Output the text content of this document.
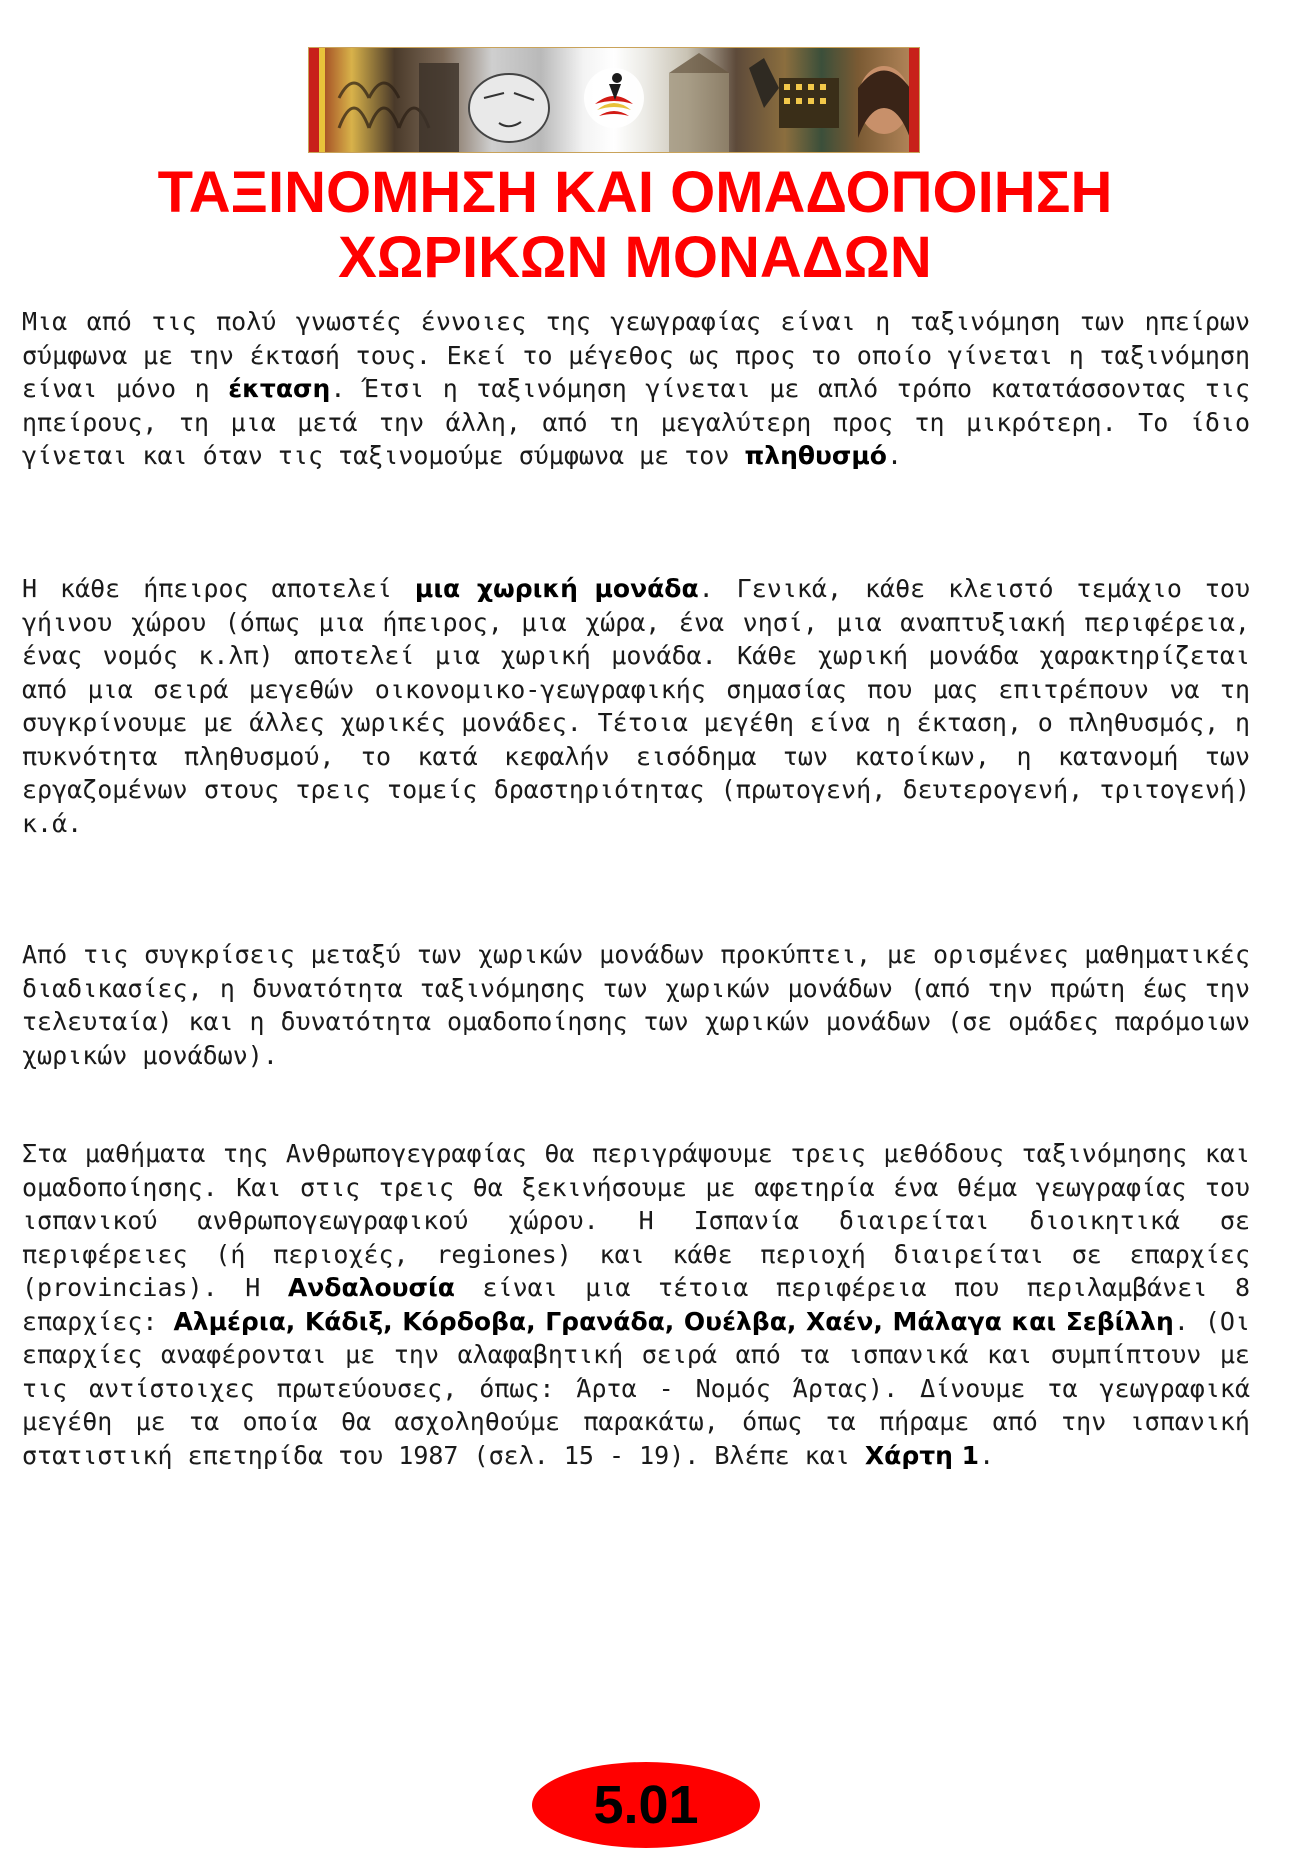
ΤΑΞΙΝΟΜΗΣΗ ΚΑΙ ΟΜΑΔΟΠΟΙΗΣΗ
ΧΩΡΙΚΩΝ ΜΟΝΑΔΩΝ

Μια από τις πολύ γνωστές έννοιες της γεωγραφίας είναι η ταξινόμηση των ηπείρων σύμφωνα με την έκτασή τους. Εκεί το μέγεθος ως προς το οποίο γίνεται η ταξινόμηση είναι μόνο η έκταση. Έτσι η ταξινόμηση γίνεται με απλό τρόπο κατατάσσοντας τις ηπείρους, τη μια μετά την άλλη, από τη μεγαλύτερη προς τη μικρότερη. Το ίδιο γίνεται και όταν τις ταξινομούμε σύμφωνα με τον πληθυσμό.

Η κάθε ήπειρος αποτελεί μια χωρική μονάδα. Γενικά, κάθε κλειστό τεμάχιο του γήινου χώρου (όπως μια ήπειρος, μια χώρα, ένα νησί, μια αναπτυξιακή περιφέρεια, ένας νομός κ.λπ) αποτελεί μια χωρική μονάδα. Κάθε χωρική μονάδα χαρακτηρίζεται από μια σειρά μεγεθών οικονομικο-γεωγραφικής σημασίας που μας επιτρέπουν να τη συγκρίνουμε με άλλες χωρικές μονάδες. Τέτοια μεγέθη είνα η έκταση, ο πληθυσμός, η πυκνότητα πληθυσμού, το κατά κεφαλήν εισόδημα των κατοίκων, η κατανομή των εργαζομένων στους τρεις τομείς δραστηριότητας (πρωτογενή, δευτερογενή, τριτογενή) κ.ά.

Από τις συγκρίσεις μεταξύ των χωρικών μονάδων προκύπτει, με ορισμένες μαθηματικές διαδικασίες, η δυνατότητα ταξινόμησης των χωρικών μονάδων (από την πρώτη έως την τελευταία) και η δυνατότητα ομαδοποίησης των χωρικών μονάδων (σε ομάδες παρόμοιων χωρικών μονάδων).

Στα μαθήματα της Ανθρωπογεγραφίας θα περιγράψουμε τρεις μεθόδους ταξινόμησης και ομαδοποίησης. Και στις τρεις θα ξεκινήσουμε με αφετηρία ένα θέμα γεωγραφίας του ισπανικού ανθρωπογεωγραφικού χώρου. Η Ισπανία διαιρείται διοικητικά σε περιφέρειες (ή περιοχές, regiones) και κάθε περιοχή διαιρείται σε επαρχίες (provincias). Η Ανδαλουσία είναι μια τέτοια περιφέρεια που περιλαμβάνει 8 επαρχίες: Αλμέρια, Κάδιξ, Κόρδοβα, Γρανάδα, Ουέλβα, Χαέν, Μάλαγα και Σεβίλλη. (Οι επαρχίες αναφέρονται με την αλαφαβητική σειρά από τα ισπανικά και συμπίπτουν με τις αντίστοιχες πρωτεύουσες, όπως: Άρτα - Νομός Άρτας). Δίνουμε τα γεωγραφικά μεγέθη με τα οποία θα ασχοληθούμε παρακάτω, όπως τα πήραμε από την ισπανική στατιστική επετηρίδα του 1987 (σελ. 15 - 19). Βλέπε και Χάρτη 1.

5.01
